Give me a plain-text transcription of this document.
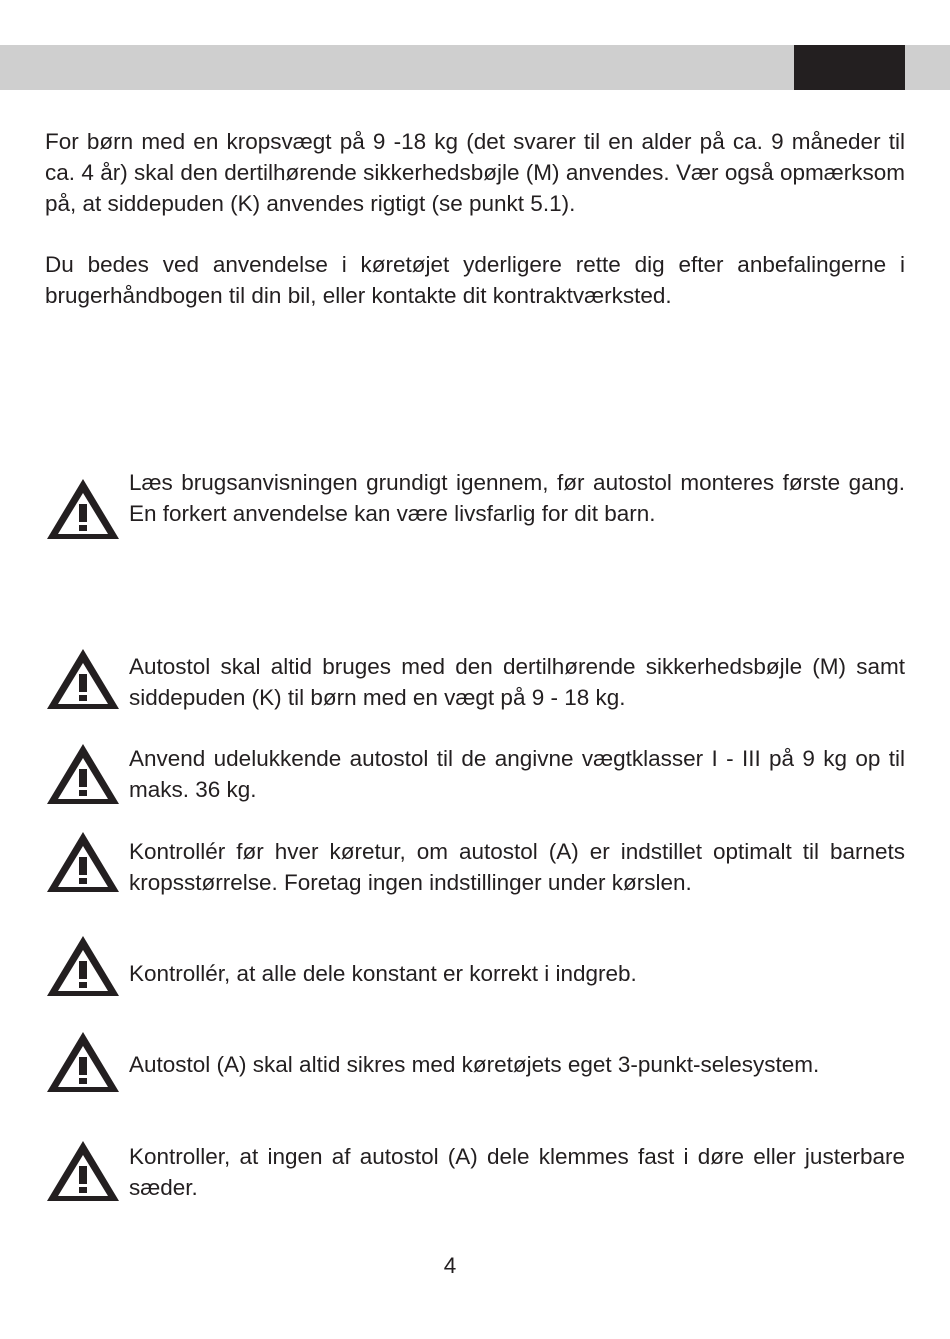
For børn med en kropsvægt på 9 -18 kg (det svarer til en alder på ca. 9 måneder til ca. 4 år) skal den dertilhørende sikkerhedsbøjle (M) anvendes. Vær også opmærksom på, at siddepuden (K) anvendes rigtigt (se punkt 5.1).

Du bedes ved anvendelse i køretøjet yderligere rette dig efter anbefalingerne i brugerhåndbogen til din bil, eller kontakte dit kontraktværksted.

Læs brugsanvisningen grundigt igennem, før autostol monteres første gang. En forkert anvendelse kan være livsfarlig for dit barn.

Autostol skal altid bruges med den dertilhørende sikkerhedsbøjle (M) samt siddepuden (K) til børn med en vægt på 9 - 18 kg.

Anvend udelukkende autostol til de angivne vægtklasser I - III på 9 kg op til maks. 36 kg.

Kontrollér før hver køretur, om autostol (A) er indstillet optimalt til barnets kropsstørrelse. Foretag ingen indstillinger under kørslen.

Kontrollér, at alle dele konstant er korrekt i indgreb.

Autostol (A) skal altid sikres med køretøjets eget 3-punkt-selesystem.

Kontroller, at ingen af autostol (A) dele klemmes fast i døre eller justerbare sæder.

4
